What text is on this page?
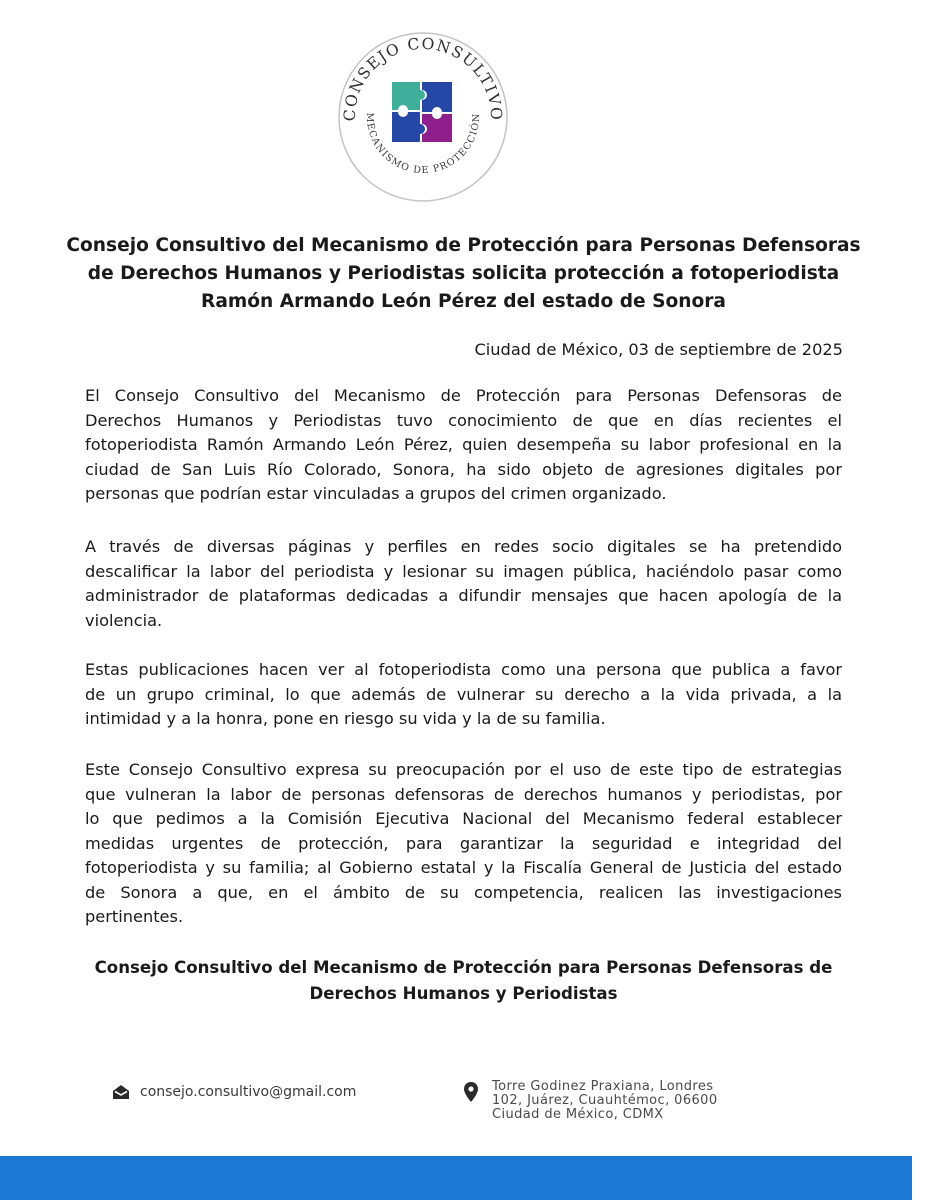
CONSEJO CONSULTIVO
MECANISMO DE PROTECCIÓN
Consejo Consultivo del Mecanismo de Protección para Personas Defensoras
de Derechos Humanos y Periodistas solicita protección a fotoperiodista
Ramón Armando León Pérez del estado de Sonora
Ciudad de México, 03 de septiembre de 2025
El Consejo Consultivo del Mecanismo de Protección para Personas Defensoras de
Derechos Humanos y Periodistas tuvo conocimiento de que en días recientes el
fotoperiodista Ramón Armando León Pérez, quien desempeña su labor profesional en la
ciudad de San Luis Río Colorado, Sonora, ha sido objeto de agresiones digitales por
personas que podrían estar vinculadas a grupos del crimen organizado.
A través de diversas páginas y perfiles en redes socio digitales se ha pretendido
descalificar la labor del periodista y lesionar su imagen pública, haciéndolo pasar como
administrador de plataformas dedicadas a difundir mensajes que hacen apología de la
violencia.
Estas publicaciones hacen ver al fotoperiodista como una persona que publica a favor
de un grupo criminal, lo que además de vulnerar su derecho a la vida privada, a la
intimidad y a la honra, pone en riesgo su vida y la de su familia.
Este Consejo Consultivo expresa su preocupación por el uso de este tipo de estrategias
que vulneran la labor de personas defensoras de derechos humanos y periodistas, por
lo que pedimos a la Comisión Ejecutiva Nacional del Mecanismo federal establecer
medidas urgentes de protección, para garantizar la seguridad e integridad del
fotoperiodista y su familia; al Gobierno estatal y la Fiscalía General de Justicia del estado
de Sonora a que, en el ámbito de su competencia, realicen las investigaciones
pertinentes.
Consejo Consultivo del Mecanismo de Protección para Personas Defensoras de
Derechos Humanos y Periodistas
consejo.consultivo@gmail.com	Torre Godinez Praxiana, Londres
102, Juárez, Cuauhtémoc, 06600
Ciudad de México, CDMX
